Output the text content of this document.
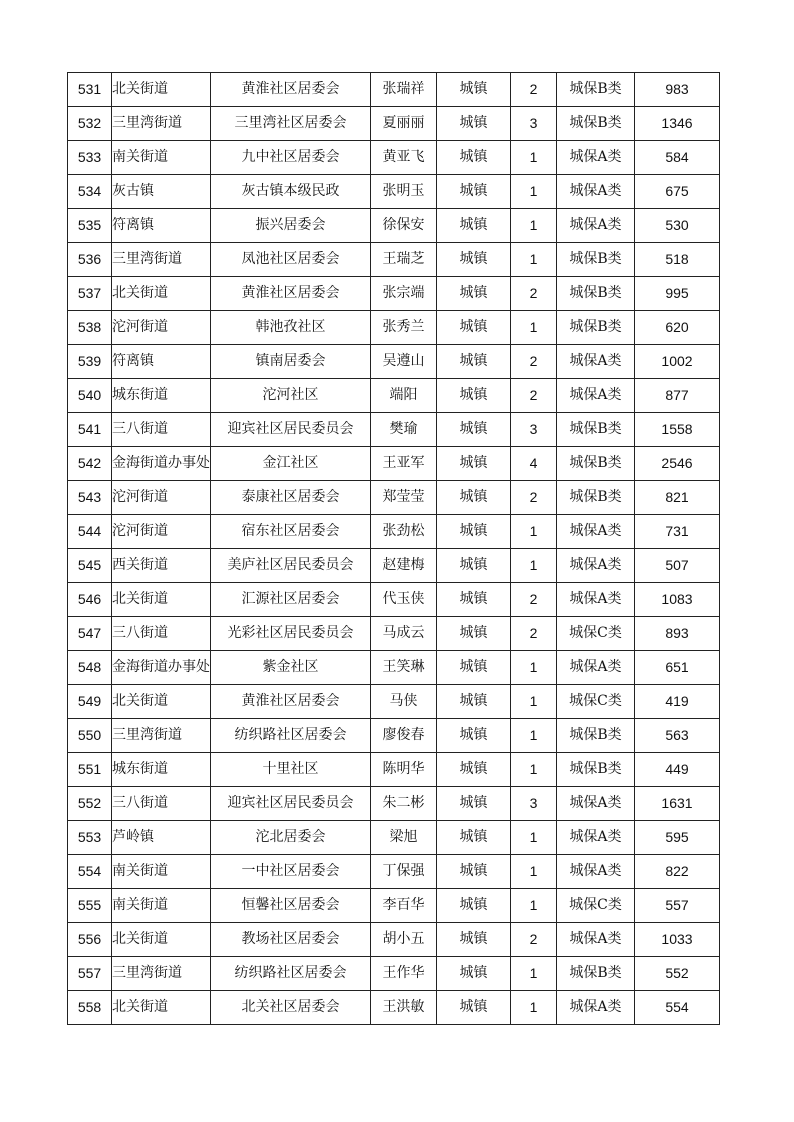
531	北关街道	黄淮社区居委会	张瑞祥	城镇	2	城保B类	983
532	三里湾街道	三里湾社区居委会	夏丽丽	城镇	3	城保B类	1346
533	南关街道	九中社区居委会	黄亚飞	城镇	1	城保A类	584
534	灰古镇	灰古镇本级民政	张明玉	城镇	1	城保A类	675
535	符离镇	振兴居委会	徐保安	城镇	1	城保A类	530
536	三里湾街道	凤池社区居委会	王瑞芝	城镇	1	城保B类	518
537	北关街道	黄淮社区居委会	张宗端	城镇	2	城保B类	995
538	沱河街道	韩池孜社区	张秀兰	城镇	1	城保B类	620
539	符离镇	镇南居委会	吴遵山	城镇	2	城保A类	1002
540	城东街道	沱河社区	端阳	城镇	2	城保A类	877
541	三八街道	迎宾社区居民委员会	樊瑜	城镇	3	城保B类	1558
542	金海街道办事处	金江社区	王亚军	城镇	4	城保B类	2546
543	沱河街道	泰康社区居委会	郑莹莹	城镇	2	城保B类	821
544	沱河街道	宿东社区居委会	张劲松	城镇	1	城保A类	731
545	西关街道	美庐社区居民委员会	赵建梅	城镇	1	城保A类	507
546	北关街道	汇源社区居委会	代玉侠	城镇	2	城保A类	1083
547	三八街道	光彩社区居民委员会	马成云	城镇	2	城保C类	893
548	金海街道办事处	紫金社区	王笑琳	城镇	1	城保A类	651
549	北关街道	黄淮社区居委会	马侠	城镇	1	城保C类	419
550	三里湾街道	纺织路社区居委会	廖俊春	城镇	1	城保B类	563
551	城东街道	十里社区	陈明华	城镇	1	城保B类	449
552	三八街道	迎宾社区居民委员会	朱二彬	城镇	3	城保A类	1631
553	芦岭镇	沱北居委会	梁旭	城镇	1	城保A类	595
554	南关街道	一中社区居委会	丁保强	城镇	1	城保A类	822
555	南关街道	恒馨社区居委会	李百华	城镇	1	城保C类	557
556	北关街道	教场社区居委会	胡小五	城镇	2	城保A类	1033
557	三里湾街道	纺织路社区居委会	王作华	城镇	1	城保B类	552
558	北关街道	北关社区居委会	王洪敏	城镇	1	城保A类	554
